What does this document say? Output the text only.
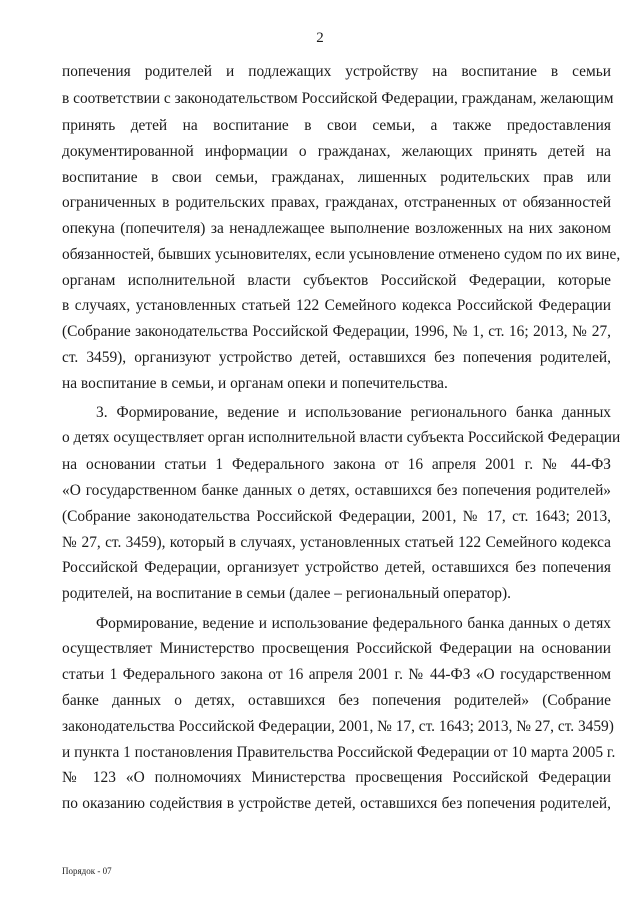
2
попечения родителей и подлежащих устройству на воспитание в семьи
в соответствии с законодательством Российской Федерации, гражданам, желающим
принять детей на воспитание в свои семьи, а также предоставления
документированной информации о гражданах, желающих принять детей на
воспитание в свои семьи, гражданах, лишенных родительских прав или
ограниченных в родительских правах, гражданах, отстраненных от обязанностей
опекуна (попечителя) за ненадлежащее выполнение возложенных на них законом
обязанностей, бывших усыновителях, если усыновление отменено судом по их вине,
органам исполнительной власти субъектов Российской Федерации, которые
в случаях, установленных статьей 122 Семейного кодекса Российской Федерации
(Собрание законодательства Российской Федерации, 1996, № 1, ст. 16; 2013, № 27,
ст. 3459), организуют устройство детей, оставшихся без попечения родителей,
на воспитание в семьи, и органам опеки и попечительства.
3. Формирование, ведение и использование регионального банка данных
о детях осуществляет орган исполнительной власти субъекта Российской Федерации
на основании статьи 1 Федерального закона от 16 апреля 2001 г. № 44-ФЗ
«О государственном банке данных о детях, оставшихся без попечения родителей»
(Собрание законодательства Российской Федерации, 2001, № 17, ст. 1643; 2013,
№ 27, ст. 3459), который в случаях, установленных статьей 122 Семейного кодекса
Российской Федерации, организует устройство детей, оставшихся без попечения
родителей, на воспитание в семьи (далее – региональный оператор).
Формирование, ведение и использование федерального банка данных о детях
осуществляет Министерство просвещения Российской Федерации на основании
статьи 1 Федерального закона от 16 апреля 2001 г. № 44-ФЗ «О государственном
банке данных о детях, оставшихся без попечения родителей» (Собрание
законодательства Российской Федерации, 2001, № 17, ст. 1643; 2013, № 27, ст. 3459)
и пункта 1 постановления Правительства Российской Федерации от 10 марта 2005 г.
№ 123 «О полномочиях Министерства просвещения Российской Федерации
по оказанию содействия в устройстве детей, оставшихся без попечения родителей,
Порядок - 07
